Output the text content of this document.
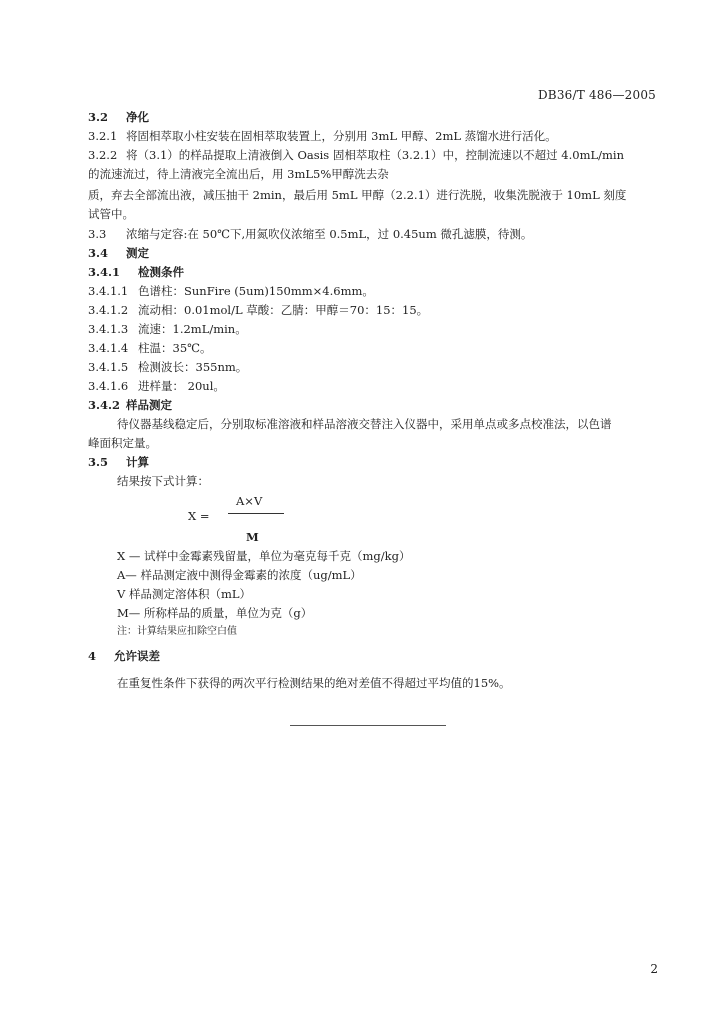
DB36/T 486—2005
3.2 净化
3.2.1 将固相萃取小柱安装在固相萃取装置上，分别用 3mL 甲醇、2mL 蒸馏水进行活化。
3.2.2 将（3.1）的样品提取上清液倒入 Oasis 固相萃取柱（3.2.1）中，控制流速以不超过 4.0mL/min
的流速流过，待上清液完全流出后，用 3mL5%甲醇洗去杂
质，弃去全部流出液，减压抽干 2min，最后用 5mL 甲醇（2.2.1）进行洗脱，收集洗脱液于 10mL 刻度
试管中。
3.3 浓缩与定容:在 50℃下,用氮吹仪浓缩至 0.5mL，过 0.45um 微孔滤膜，待测。
3.4 测定
3.4.1 检测条件
3.4.1.1 色谱柱：SunFire (5um)150mm×4.6mm。
3.4.1.2 流动相：0.01mol/L 草酸：乙腈：甲醇＝70：15：15。
3.4.1.3 流速：1.2mL/min。
3.4.1.4 柱温：35℃。
3.4.1.5 检测波长：355nm。
3.4.1.6 进样量： 20ul。
3.4.2 样品测定
待仪器基线稳定后，分别取标准溶液和样品溶液交替注入仪器中，采用单点或多点校准法，以色谱
峰面积定量。
3.5 计算
结果按下式计算：
A×V
X =
M
X — 试样中金霉素残留量，单位为毫克每千克（mg/kg）
A— 样品测定液中测得金霉素的浓度（ug/mL）
V 样品测定溶体积（mL）
M— 所称样品的质量，单位为克（g）
注：计算结果应扣除空白值
4 允许误差
在重复性条件下获得的两次平行检测结果的绝对差值不得超过平均值的15%。
2
